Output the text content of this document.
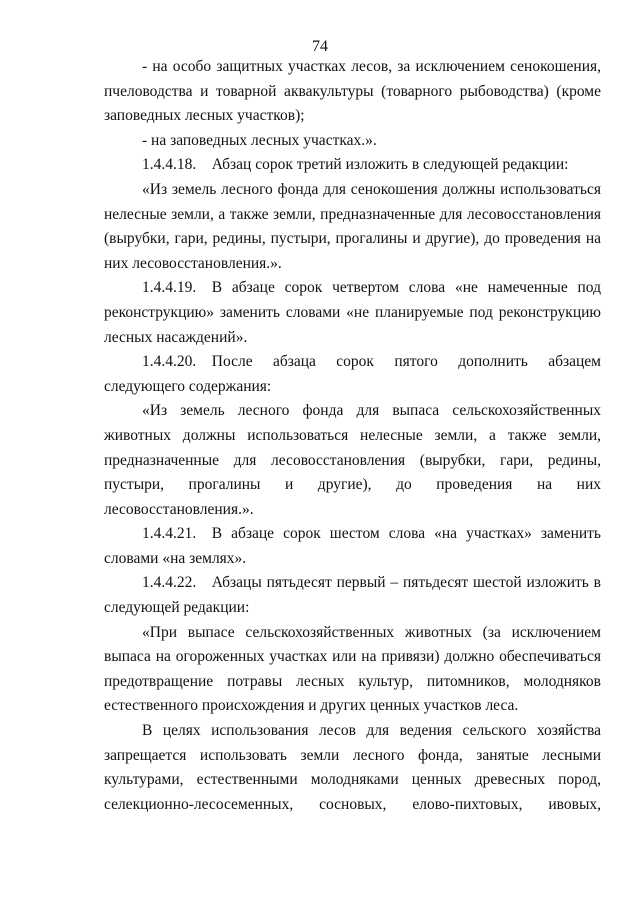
74

- на особо защитных участках лесов, за исключением сенокошения, пчеловодства и товарной аквакультуры (товарного рыбоводства) (кроме заповедных лесных участков);

- на заповедных лесных участках.».

1.4.4.18. Абзац сорок третий изложить в следующей редакции:

«Из земель лесного фонда для сенокошения должны использоваться нелесные земли, а также земли, предназначенные для лесовосстановления (вырубки, гари, редины, пустыри, прогалины и другие), до проведения на них лесовосстановления.».

1.4.4.19. В абзаце сорок четвертом слова «не намеченные под реконструкцию» заменить словами «не планируемые под реконструкцию лесных насаждений».

1.4.4.20. После абзаца сорок пятого дополнить абзацем следующего содержания:

«Из земель лесного фонда для выпаса сельскохозяйственных животных должны использоваться нелесные земли, а также земли, предназначенные для лесовосстановления (вырубки, гари, редины, пустыри, прогалины и другие), до проведения на них лесовосстановления.».

1.4.4.21. В абзаце сорок шестом слова «на участках» заменить словами «на землях».

1.4.4.22. Абзацы пятьдесят первый – пятьдесят шестой изложить в следующей редакции:

«При выпасе сельскохозяйственных животных (за исключением выпаса на огороженных участках или на привязи) должно обеспечиваться предотвращение потравы лесных культур, питомников, молодняков естественного происхождения и других ценных участков леса.

В целях использования лесов для ведения сельского хозяйства запрещается использовать земли лесного фонда, занятые лесными культурами, естественными молодняками ценных древесных пород, селекционно-лесосеменных, сосновых, елово-пихтовых, ивовых,
